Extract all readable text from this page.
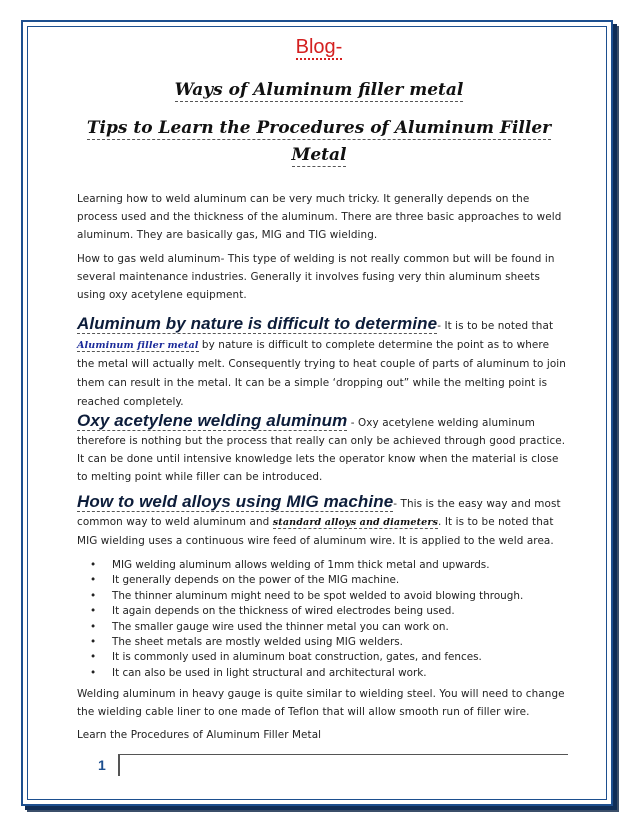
Blog-
Ways of Aluminum filler metal
Tips to Learn the Procedures of Aluminum Filler
Metal
Learning how to weld aluminum can be very much tricky. It generally depends on the process used and the thickness of the aluminum. There are three basic approaches to weld aluminum. They are basically gas, MIG and TIG wielding.
How to gas weld aluminum- This type of welding is not really common but will be found in several maintenance industries. Generally it involves fusing very thin aluminum sheets using oxy acetylene equipment.
Aluminum by nature is difficult to determine- It is to be noted that
Aluminum filler metal by nature is difficult to complete determine the point as to where the metal will actually melt. Consequently trying to heat couple of parts of aluminum to join them can result in the metal. It can be a simple ‘dropping out” while the melting point is reached completely.
Oxy acetylene welding aluminum - Oxy acetylene welding aluminum therefore is nothing but the process that really can only be achieved through good practice. It can be done until intensive knowledge lets the operator know when the material is close to melting point while filler can be introduced.
How to weld alloys using MIG machine- This is the easy way and most common way to weld aluminum and standard alloys and diameters. It is to be noted that MIG wielding uses a continuous wire feed of aluminum wire. It is applied to the weld area.
• MIG welding aluminum allows welding of 1mm thick metal and upwards.
• It generally depends on the power of the MIG machine.
• The thinner aluminum might need to be spot welded to avoid blowing through.
• It again depends on the thickness of wired electrodes being used.
• The smaller gauge wire used the thinner metal you can work on.
• The sheet metals are mostly welded using MIG welders.
• It is commonly used in aluminum boat construction, gates, and fences.
• It can also be used in light structural and architectural work.
Welding aluminum in heavy gauge is quite similar to wielding steel. You will need to change the wielding cable liner to one made of Teflon that will allow smooth run of filler wire.
Learn the Procedures of Aluminum Filler Metal
1
